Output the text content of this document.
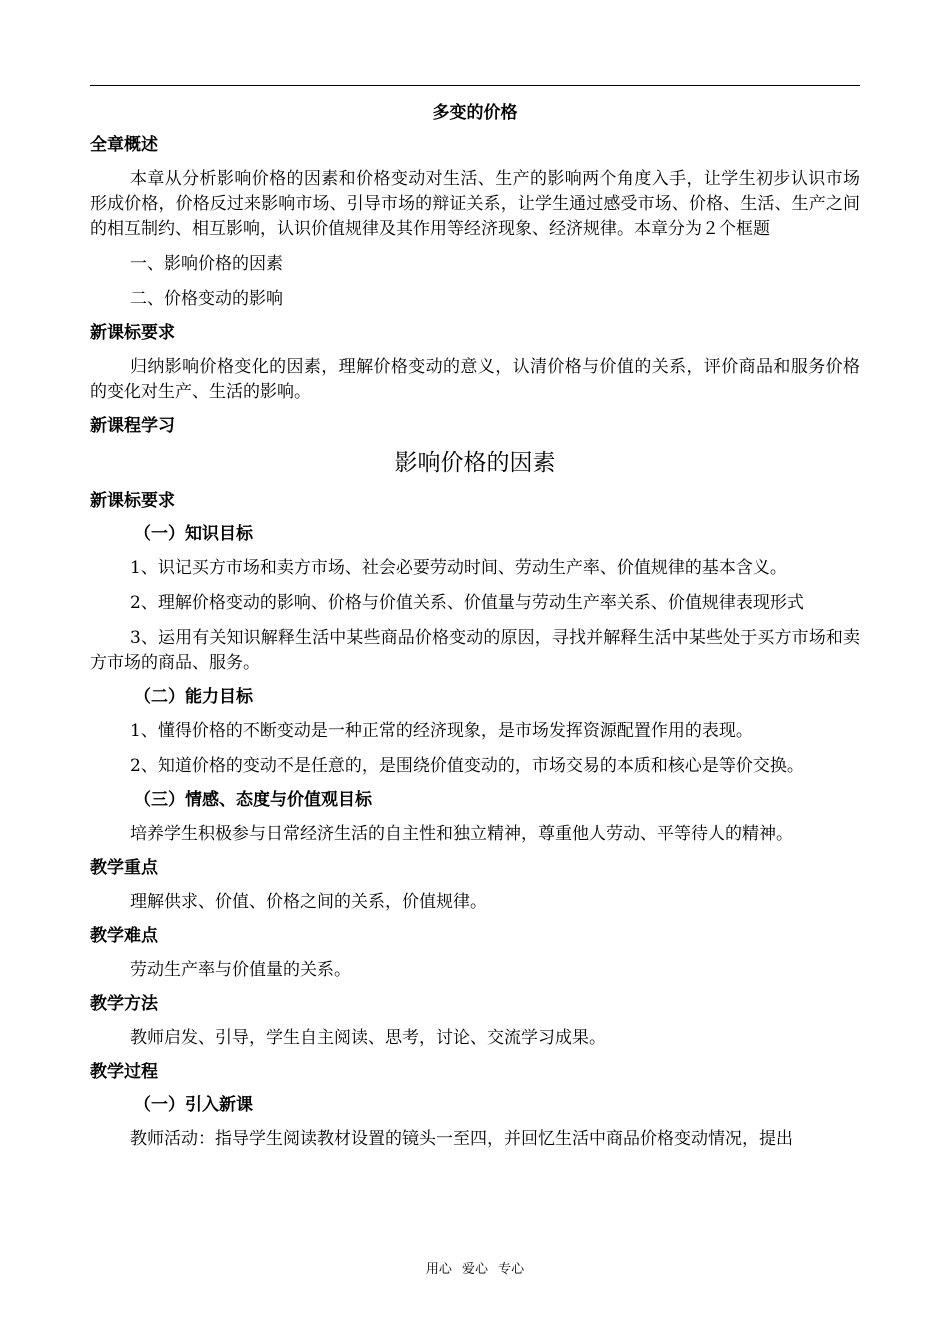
多变的价格
全章概述
本章从分析影响价格的因素和价格变动对生活、生产的影响两个角度入手，让学生初步认识市场形成价格，价格反过来影响市场、引导市场的辩证关系，让学生通过感受市场、价格、生活、生产之间的相互制约、相互影响，认识价值规律及其作用等经济现象、经济规律。本章分为２个框题
一、影响价格的因素
二、价格变动的影响
新课标要求
归纳影响价格变化的因素，理解价格变动的意义，认清价格与价值的关系，评价商品和服务价格的变化对生产、生活的影响。
新课程学习
影响价格的因素
新课标要求
（一）知识目标
1、识记买方市场和卖方市场、社会必要劳动时间、劳动生产率、价值规律的基本含义。
2、理解价格变动的影响、价格与价值关系、价值量与劳动生产率关系、价值规律表现形式
3、运用有关知识解释生活中某些商品价格变动的原因，寻找并解释生活中某些处于买方市场和卖方市场的商品、服务。
（二）能力目标
1、懂得价格的不断变动是一种正常的经济现象，是市场发挥资源配置作用的表现。
2、知道价格的变动不是任意的，是围绕价值变动的，市场交易的本质和核心是等价交换。
（三）情感、态度与价值观目标
培养学生积极参与日常经济生活的自主性和独立精神，尊重他人劳动、平等待人的精神。
教学重点
理解供求、价值、价格之间的关系，价值规律。
教学难点
劳动生产率与价值量的关系。
教学方法
教师启发、引导，学生自主阅读、思考，讨论、交流学习成果。
教学过程
（一）引入新课
教师活动：指导学生阅读教材设置的镜头一至四，并回忆生活中商品价格变动情况，提出
用心 爱心 专心
